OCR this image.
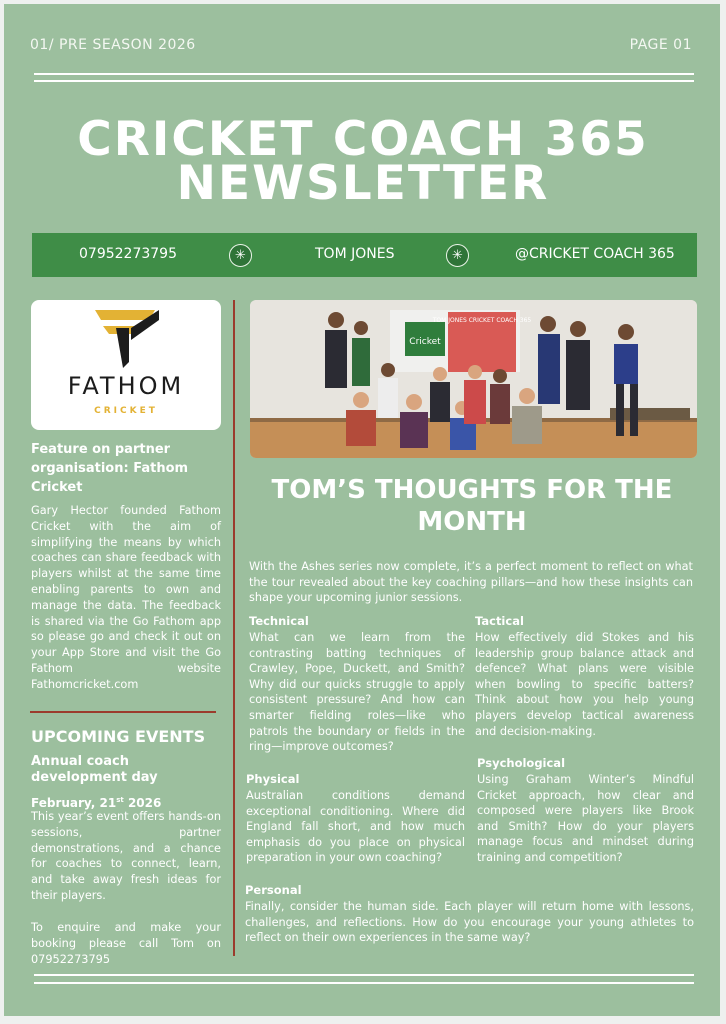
01/ PRE SEASON 2026	PAGE 01
CRICKET COACH 365
NEWSLETTER
07952273795	✳	TOM JONES	✳	@CRICKET COACH 365
FATHOM
CRICKET
Feature on partner organisation: Fathom Cricket
Gary Hector founded Fathom Cricket with the aim of simplifying the means by which coaches can share feedback with players whilst at the same time enabling parents to own and manage the data. The feedback is shared via the Go Fathom app so please go and check it out on your App Store and visit the Go Fathom website Fathomcricket.com
UPCOMING EVENTS
Annual coach development day
February, 21st 2026
This year’s event offers hands-on sessions, partner demonstrations, and a chance for coaches to connect, learn, and take away fresh ideas for their players.
To enquire and make your booking please call Tom on 07952273795
TOM JONES CRICKET COACH 365
Cricket
TOM’S THOUGHTS FOR THE MONTH
With the Ashes series now complete, it’s a perfect moment to reflect on what the tour revealed about the key coaching pillars—and how these insights can shape your upcoming junior sessions.
Technical
What can we learn from the contrasting batting techniques of Crawley, Pope, Duckett, and Smith? Why did our quicks struggle to apply consistent pressure? And how can smarter fielding roles—like who patrols the boundary or fields in the ring—improve outcomes?
Tactical
How effectively did Stokes and his leadership group balance attack and defence? What plans were visible when bowling to specific batters? Think about how you help young players develop tactical awareness and decision-making.
Physical
Australian conditions demand exceptional conditioning. Where did England fall short, and how much emphasis do you place on physical preparation in your own coaching?
Psychological
Using Graham Winter’s Mindful Cricket approach, how clear and composed were players like Brook and Smith? How do your players manage focus and mindset during training and competition?
Personal
Finally, consider the human side. Each player will return home with lessons, challenges, and reflections. How do you encourage your young athletes to reflect on their own experiences in the same way?
